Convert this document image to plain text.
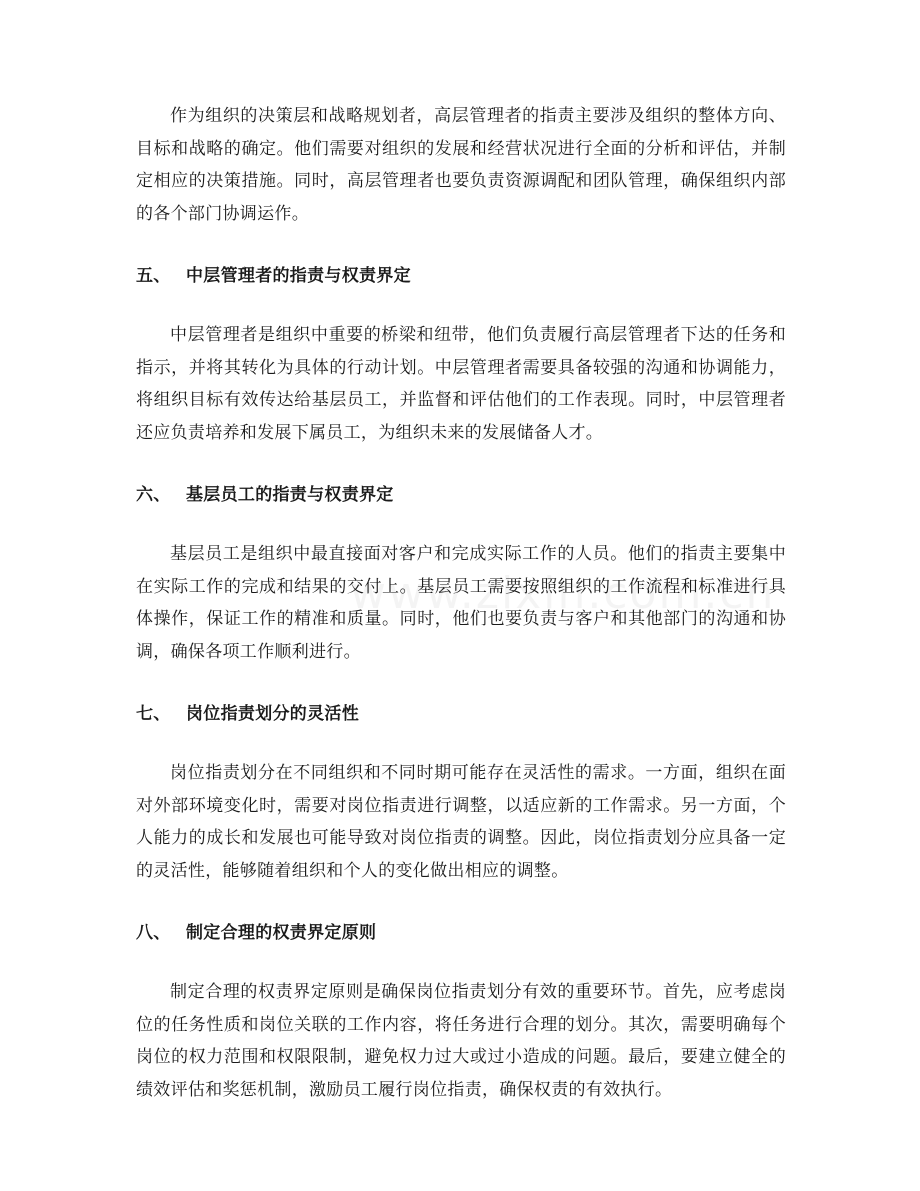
作为组织的决策层和战略规划者，高层管理者的指责主要涉及组织的整体方向、目标和战略的确定。他们需要对组织的发展和经营状况进行全面的分析和评估，并制定相应的决策措施。同时，高层管理者也要负责资源调配和团队管理，确保组织内部的各个部门协调运作。

五、 中层管理者的指责与权责界定

中层管理者是组织中重要的桥梁和纽带，他们负责履行高层管理者下达的任务和指示，并将其转化为具体的行动计划。中层管理者需要具备较强的沟通和协调能力，将组织目标有效传达给基层员工，并监督和评估他们的工作表现。同时，中层管理者还应负责培养和发展下属员工，为组织未来的发展储备人才。

六、 基层员工的指责与权责界定

基层员工是组织中最直接面对客户和完成实际工作的人员。他们的指责主要集中在实际工作的完成和结果的交付上。基层员工需要按照组织的工作流程和标准进行具体操作，保证工作的精准和质量。同时，他们也要负责与客户和其他部门的沟通和协调，确保各项工作顺利进行。

七、 岗位指责划分的灵活性

岗位指责划分在不同组织和不同时期可能存在灵活性的需求。一方面，组织在面对外部环境变化时，需要对岗位指责进行调整，以适应新的工作需求。另一方面，个人能力的成长和发展也可能导致对岗位指责的调整。因此，岗位指责划分应具备一定的灵活性，能够随着组织和个人的变化做出相应的调整。

八、 制定合理的权责界定原则

制定合理的权责界定原则是确保岗位指责划分有效的重要环节。首先，应考虑岗位的任务性质和岗位关联的工作内容，将任务进行合理的划分。其次，需要明确每个岗位的权力范围和权限限制，避免权力过大或过小造成的问题。最后，要建立健全的绩效评估和奖惩机制，激励员工履行岗位指责，确保权责的有效执行。
